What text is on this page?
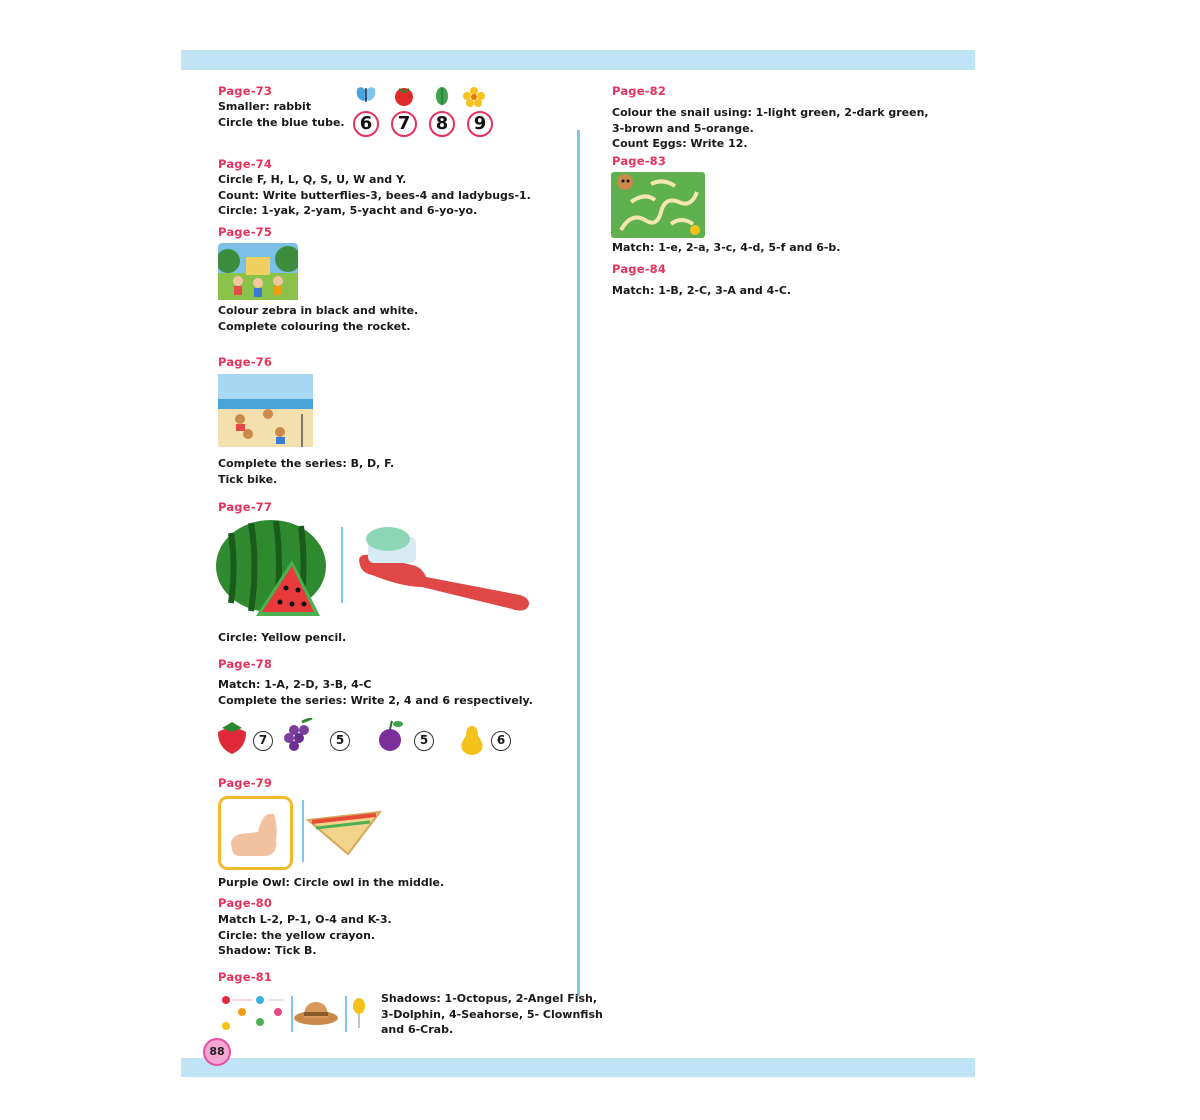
88
Page-73
Smaller: rabbit
Circle the blue tube. 6	7	8	9
Page-74
Circle F, H, L, Q, S, U, W and Y.
Count: Write butterflies-3, bees-4 and ladybugs-1.
Circle: 1-yak, 2-yam, 5-yacht and 6-yo-yo.
Page-75
Colour zebra in black and white.
Complete colouring the rocket.
Page-76
Complete the series: B, D, F.
Tick bike.
Page-77
Circle: Yellow pencil.
Page-78
Match: 1-A, 2-D, 3-B, 4-C
Complete the series: Write 2, 4 and 6 respectively.
7	5	5	6
Page-79
Purple Owl: Circle owl in the middle.
Page-80
Match L-2, P-1, O-4 and K-3.
Circle: the yellow crayon.
Shadow: Tick B.
Page-81
Shadows: 1-Octopus, 2-Angel Fish,
3-Dolphin, 4-Seahorse, 5- Clownfish
and 6-Crab.
Page-82
Colour the snail using: 1-light green, 2-dark green,
3-brown and 5-orange.
Count Eggs: Write 12.
Page-83
Match: 1-e, 2-a, 3-c, 4-d, 5-f and 6-b.
Page-84
Match: 1-B, 2-C, 3-A and 4-C.
